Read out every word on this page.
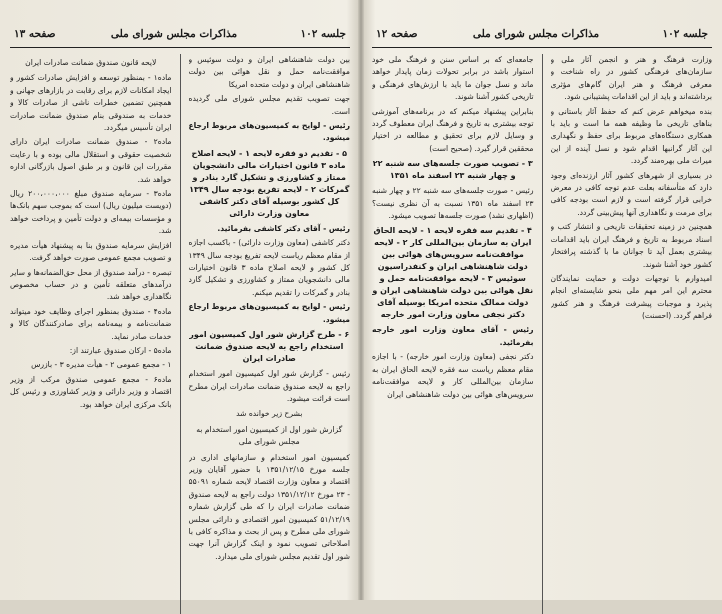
جلسه ۱۰۲
مذاکرات مجلس شورای ملی
صفحه ۱۳

بین دولت شاهنشاهی ایران و دولت سوئیس و موافقت‌نامه حمل و نقل هوائی بین دولت شاهنشاهی ایران و دولت متحده امریکا

جهت تصویب تقدیم مجلس شورای ملی گردیده است.

رئیس - لوایح به کمیسیون‌های مربوط ارجاع میشود.

۵ - تقدیم دو فقره لایحه ۱ - لایحه اصلاح ماده ۳ قانون اختیارات مالی دانشجویان ممتاز و کشاورزی و تشکیل گارد بنادر و گمرکات ۲ - لایحه تفریغ بودجه سال ۱۳۴۹ کل کشور بوسیله آقای دکتر کاشفی معاون وزارت دارائی

رئیس - آقای دکتر کاشفی بفرمائید.

دکتر کاشفی (معاون وزارت دارائی) - باکسب اجازه از مقام معظم ریاست لایحه تفریغ بودجه سال ۱۳۴۹ کل کشور و لایحه اصلاح ماده ۳ قانون اختیارات مالی دانشجویان ممتاز و کشاورزی و تشکیل گارد بنادر و گمرکات را تقدیم میکنم.

رئیس - لوایح به کمیسیون‌های مربوط ارجاع میشود.

۶ - طرح گزارش شور اول کمیسیون امور استخدام راجع به لایحه صندوق ضمانت صادرات ایران

رئیس - گزارش شور اول کمیسیون امور استخدام راجع به لایحه صندوق ضمانت صادرات ایران مطرح است قرائت میشود.

بشرح زیر خوانده شد

گزارش شور اول از کمیسیون امور استخدام به مجلس شورای ملی

کمیسیون امور استخدام و سازمانهای اداری در جلسه مورخ ۱۳۵۱/۱۲/۱۵ با حضور آقایان وزیر اقتصاد و معاون وزارت اقتصاد لایحه شماره ۵۵۰۹۱ - ۲۳ مورخ ۱۳۵۱/۱۲/۱۲ دولت راجع به لایحه صندوق ضمانت صادرات ایران را که طی گزارش شماره ۵۱/۱۲/۱۹ کمیسیون امور اقتصادی و دارائی مجلس شورای ملی مطرح و پس از بحث و مذاکره کافی با اصلاحاتی تصویب نمود و اینک گزارش آنرا جهت شور اول تقدیم مجلس شورای ملی میدارد.

لایحه قانون صندوق ضمانت صادرات ایران

ماده۱ - بمنظور توسعه و افزایش صادرات کشور و ایجاد امکانات لازم برای رقابت در بازارهای جهانی و همچنین تضمین خطرات ناشی از صادرات کالا و خدمات به صندوقی بنام صندوق ضمانت صادرات ایران تأسیس میگردد.

ماده۲ - صندوق ضمانت صادرات ایران دارای شخصیت حقوقی و استقلال مالی بوده و با رعایت مقررات این قانون و بر طبق اصول بازرگانی اداره خواهد شد.

ماده۳ - سرمایه صندوق مبلغ ۲۰۰،۰۰۰،۰۰۰ ریال (دویست میلیون ریال) است که بموجب سهم بانک‌ها و مؤسسات بیمه‌ای و دولت تأمین و پرداخت خواهد شد.

افزایش سرمایه صندوق بنا به پیشنهاد هیأت مدیره و تصویب مجمع عمومی صورت خواهد گرفت.

تبصره - درآمد صندوق از محل حق‌الضمانه‌ها و سایر درآمدهای متعلقه تأمین و در حساب مخصوص نگاهداری خواهد شد.

ماده۴ - صندوق بمنظور اجرای وظایف خود میتواند ضمانت‌نامه و بیمه‌نامه برای صادرکنندگان کالا و خدمات صادر نماید.

ماده۵ - ارکان صندوق عبارتند از:

۱ - مجمع عمومی ۲ - هیأت مدیره ۳ - بازرس

ماده۶ - مجمع عمومی صندوق مرکب از وزیر اقتصاد و وزیر دارائی و وزیر کشاورزی و رئیس کل بانک مرکزی ایران خواهد بود.

صفحه ۱۲	مذاکرات مجلس شورای ملی	جلسه ۱۰۲

وزارت فرهنگ و هنر و انجمن آثار ملی و سازمان‌های فرهنگی کشور در راه شناخت و معرفی فرهنگ و هنر ایران گام‌های مؤثری برداشته‌اند و باید از این اقدامات پشتیبانی شود.

بنده میخواهم عرض کنم که حفظ آثار باستانی و بناهای تاریخی ما وظیفه همه ما است و باید با همکاری دستگاه‌های مربوط برای حفظ و نگهداری این آثار گرانبها اقدام شود و نسل آینده از این میراث ملی بهره‌مند گردد.

در بسیاری از شهرهای کشور آثار ارزنده‌ای وجود دارد که متأسفانه بعلت عدم توجه کافی در معرض خرابی قرار گرفته است و لازم است بودجه کافی برای مرمت و نگاهداری آنها پیش‌بینی گردد.

همچنین در زمینه تحقیقات تاریخی و انتشار کتب و اسناد مربوط به تاریخ و فرهنگ ایران باید اقدامات بیشتری بعمل آید تا جوانان ما با گذشته پرافتخار کشور خود آشنا شوند.

امیدوارم با توجهات دولت و حمایت نمایندگان محترم این امر مهم ملی بنحو شایسته‌ای انجام پذیرد و موجبات پیشرفت فرهنگ و هنر کشور فراهم گردد. (احسنت)

جامعه‌ای که بر اساس سنن و فرهنگ ملی خود استوار باشد در برابر تحولات زمان پایدار خواهد ماند و نسل جوان ما باید با ارزش‌های فرهنگی و تاریخی کشور آشنا شوند.

بنابراین پیشنهاد میکنم که در برنامه‌های آموزشی توجه بیشتری به تاریخ و فرهنگ ایران معطوف گردد و وسایل لازم برای تحقیق و مطالعه در اختیار محققین قرار گیرد. (صحیح است)

۳ - تصویب صورت جلسه‌های سه شنبه ۲۲ و چهار شنبه ۲۳ اسفند ماه ۱۳۵۱

رئیس - صورت جلسه‌های سه شنبه ۲۲ و چهار شنبه ۲۳ اسفند ماه ۱۳۵۱ نسبت به آن نظری نیست؟ (اظهاری نشد) صورت جلسه‌ها تصویب میشود.

۴ - تقدیم سه فقره لایحه ۱ - لایحه الحاق ایران به سازمان بین‌المللی کار ۲ - لایحه موافقت‌نامه سرویس‌های هوائی بین دولت شاهنشاهی ایران و کنفدراسیون سوئیس ۳ - لایحه موافقت‌نامه حمل و نقل هوائی بین دولت شاهنشاهی ایران و دولت ممالک متحده امریکا بوسیله آقای دکتر نجفی معاون وزارت امور خارجه

رئیس - آقای معاون وزارت امور خارجه بفرمائید.

دکتر نجفی (معاون وزارت امور خارجه) - با اجازه مقام معظم ریاست سه فقره لایحه الحاق ایران به سازمان بین‌المللی کار و لایحه موافقت‌نامه سرویس‌های هوائی بین دولت شاهنشاهی ایران
